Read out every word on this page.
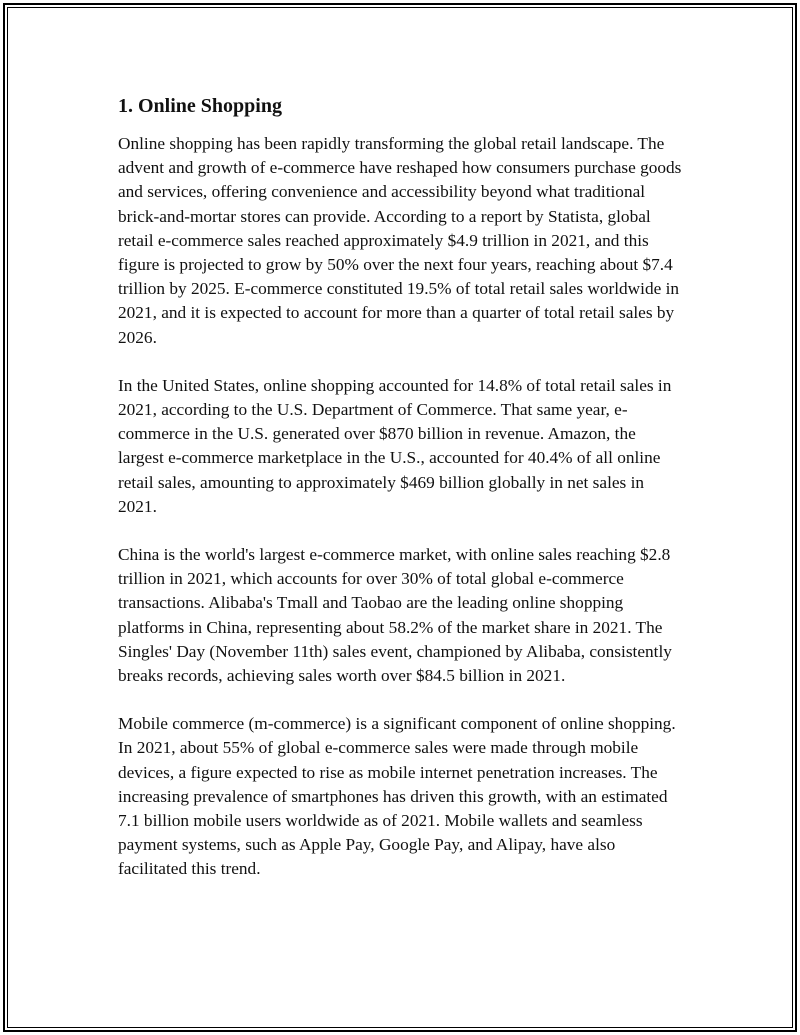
1. Online Shopping

Online shopping has been rapidly transforming the global retail landscape. The advent and growth of e-commerce have reshaped how consumers purchase goods and services, offering convenience and accessibility beyond what traditional brick-and-mortar stores can provide. According to a report by Statista, global retail e-commerce sales reached approximately $4.9 trillion in 2021, and this figure is projected to grow by 50% over the next four years, reaching about $7.4 trillion by 2025. E-commerce constituted 19.5% of total retail sales worldwide in 2021, and it is expected to account for more than a quarter of total retail sales by 2026.

In the United States, online shopping accounted for 14.8% of total retail sales in 2021, according to the U.S. Department of Commerce. That same year, e-commerce in the U.S. generated over $870 billion in revenue. Amazon, the largest e-commerce marketplace in the U.S., accounted for 40.4% of all online retail sales, amounting to approximately $469 billion globally in net sales in 2021.

China is the world's largest e-commerce market, with online sales reaching $2.8 trillion in 2021, which accounts for over 30% of total global e-commerce transactions. Alibaba's Tmall and Taobao are the leading online shopping platforms in China, representing about 58.2% of the market share in 2021. The Singles' Day (November 11th) sales event, championed by Alibaba, consistently breaks records, achieving sales worth over $84.5 billion in 2021.

Mobile commerce (m-commerce) is a significant component of online shopping. In 2021, about 55% of global e-commerce sales were made through mobile devices, a figure expected to rise as mobile internet penetration increases. The increasing prevalence of smartphones has driven this growth, with an estimated 7.1 billion mobile users worldwide as of 2021. Mobile wallets and seamless payment systems, such as Apple Pay, Google Pay, and Alipay, have also facilitated this trend.
